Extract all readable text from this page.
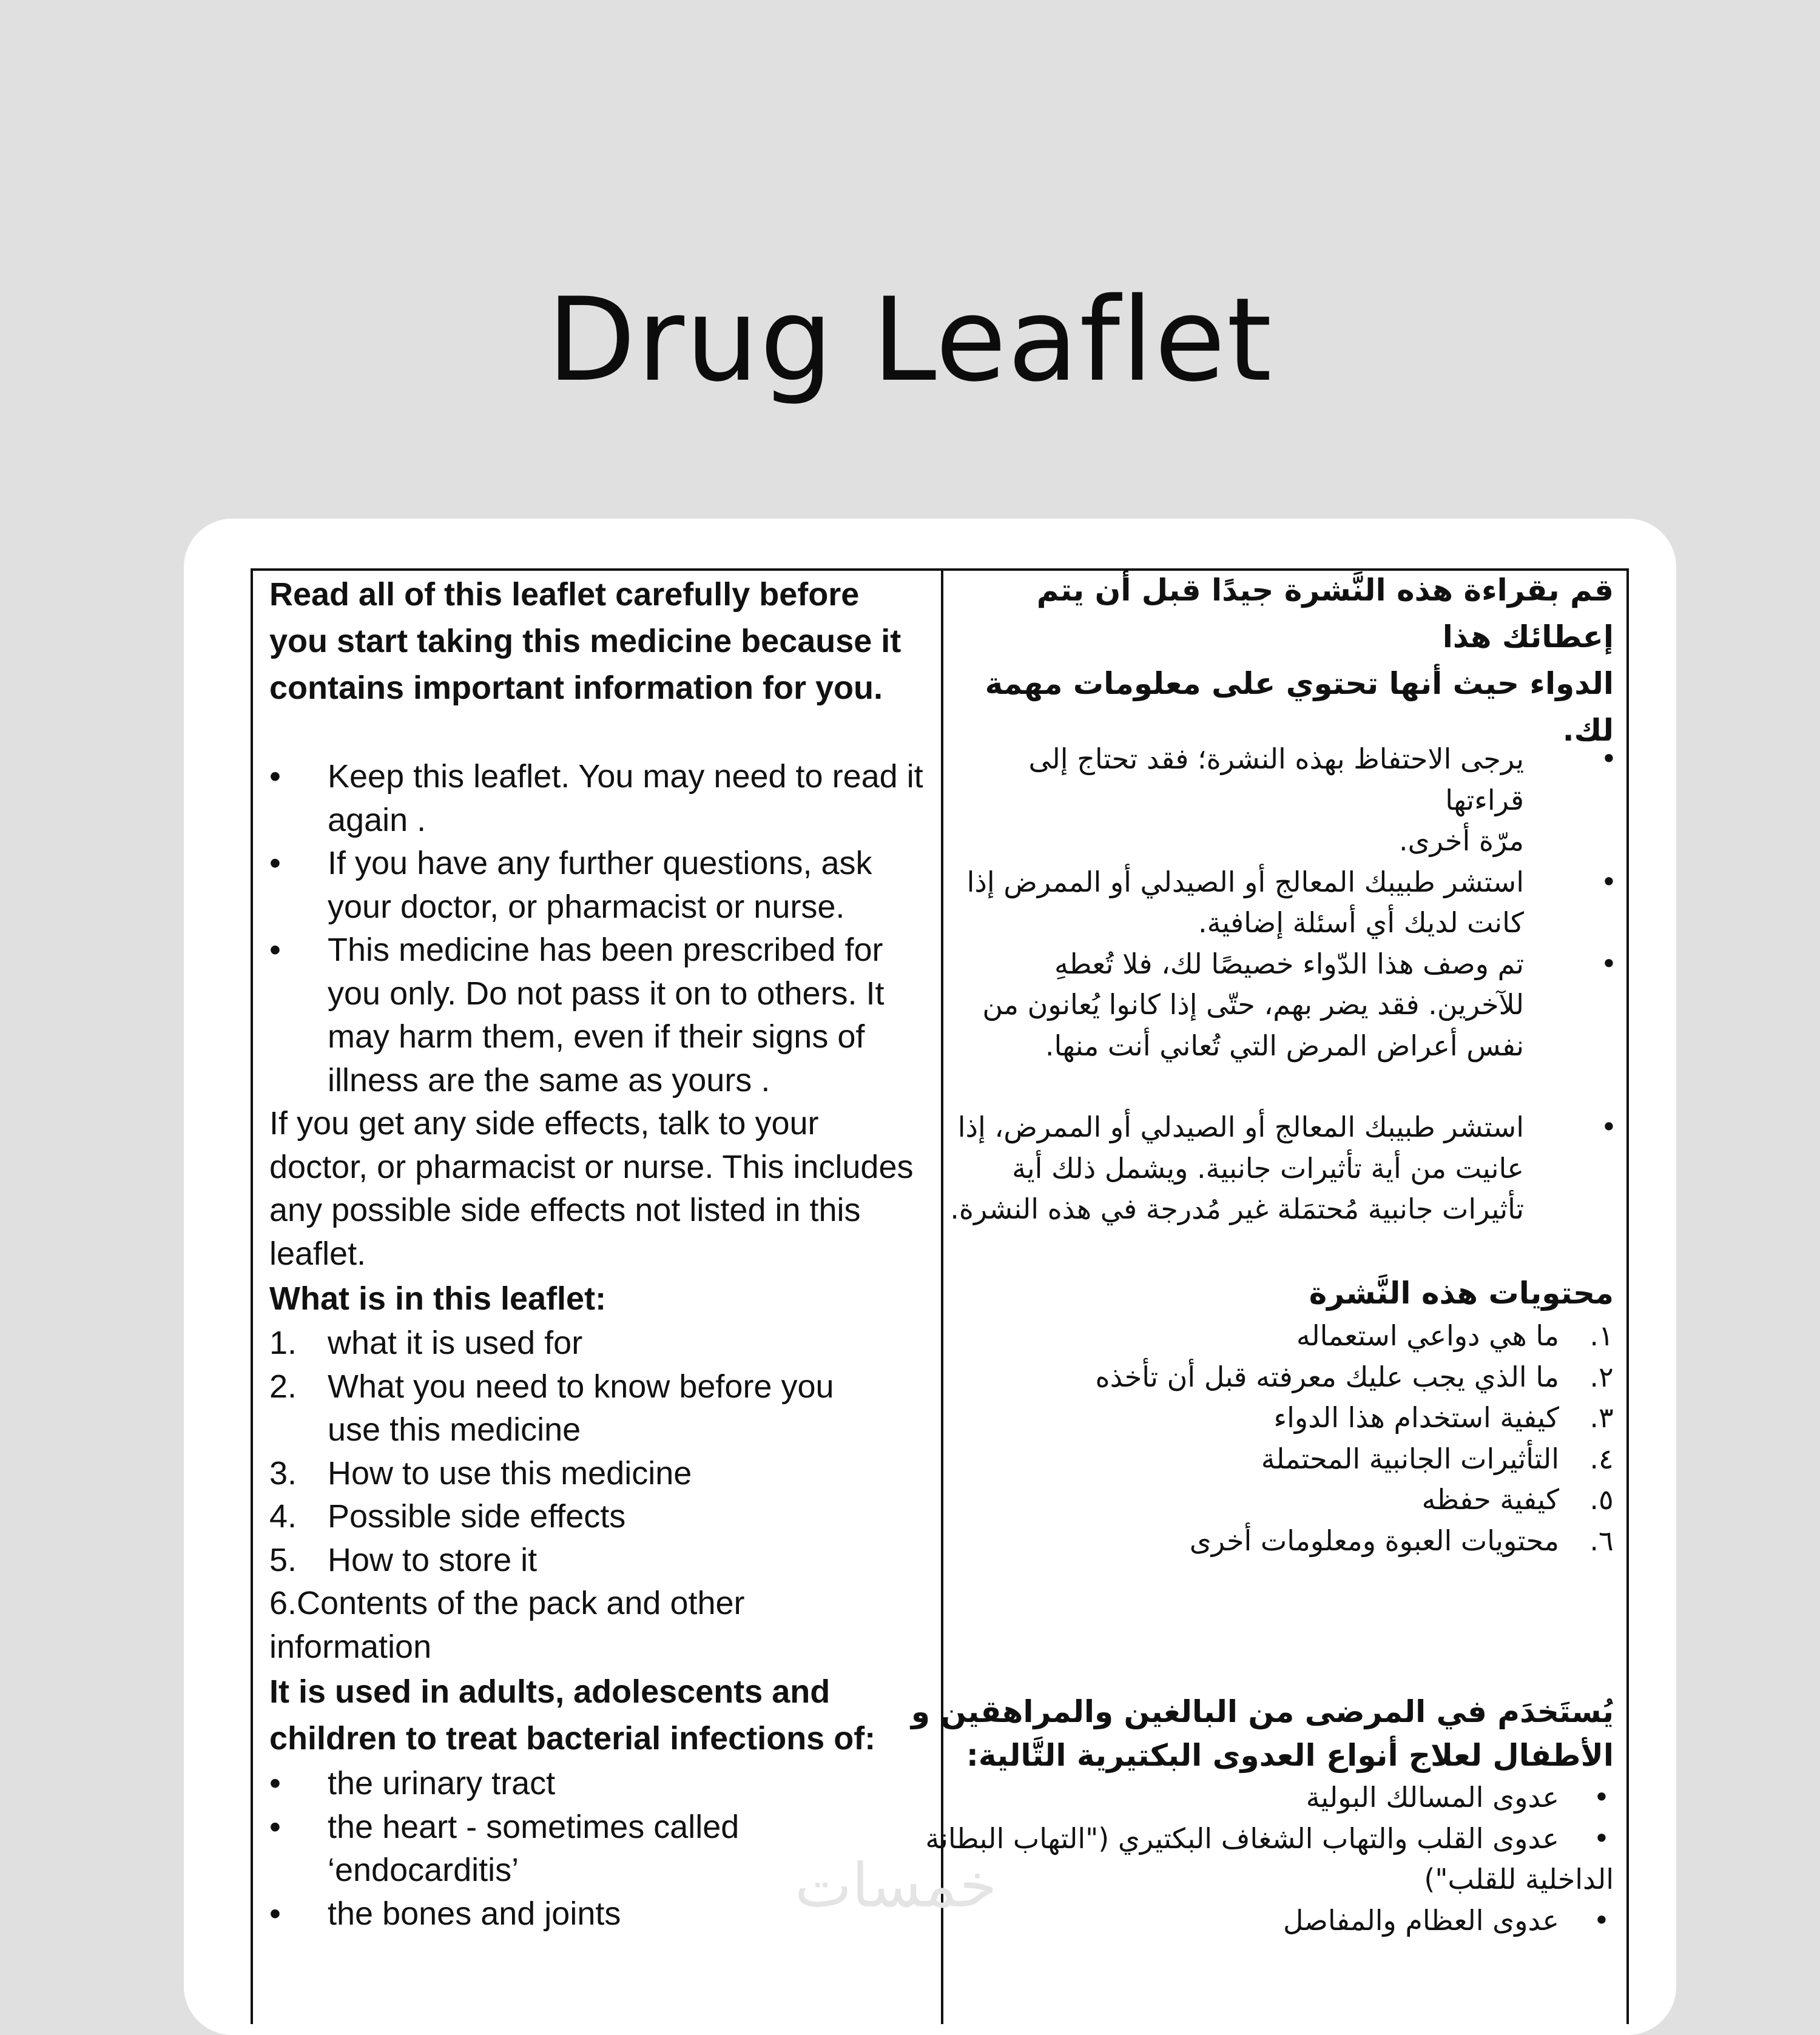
Drug Leaflet
Read all of this leaflet carefully before
you start taking this medicine because it
contains important information for you.
• Keep this leaflet. You may need to read it
again .
• If you have any further questions, ask
your doctor, or pharmacist or nurse.
• This medicine has been prescribed for
you only. Do not pass it on to others. It
may harm them, even if their signs of
illness are the same as yours .
If you get any side effects, talk to your
doctor, or pharmacist or nurse. This includes
any possible side effects not listed in this
leaflet.
What is in this leaflet:
1. what it is used for
2. What you need to know before you
use this medicine
3. How to use this medicine
4. Possible side effects
5. How to store it
6.Contents of the pack and other
information
It is used in adults, adolescents and
children to treat bacterial infections of:
• the urinary tract
• the heart - sometimes called
‘endocarditis’
• the bones and joints
قم بقراءة هذه النَّشرة جيدًا قبل أن يتم إعطائك هذا
الدواء حيث أنها تحتوي على معلومات مهمة لك.
•
يرجى الاحتفاظ بهذه النشرة؛ فقد تحتاج إلى قراءتها
مرّة أخرى.
•
استشر طبيبك المعالج أو الصيدلي أو الممرض إذا
كانت لديك أي أسئلة إضافية.
•
تم وصف هذا الدّواء خصيصًا لك، فلا تُعطهِ
للآخرين. فقد يضر بهم، حتّى إذا كانوا يُعانون من
نفس أعراض المرض التي تُعاني أنت منها.
•
استشر طبيبك المعالج أو الصيدلي أو الممرض، إذا
عانيت من أية تأثيرات جانبية. ويشمل ذلك أية
تأثيرات جانبية مُحتمَلة غير مُدرجة في هذه النشرة.
محتويات هذه النَّشرة
١.
ما هي دواعي استعماله
٢.
ما الذي يجب عليك معرفته قبل أن تأخذه
٣.
كيفية استخدام هذا الدواء
٤.
التأثيرات الجانبية المحتملة
٥.
كيفية حفظه
٦.
محتويات العبوة ومعلومات أخرى
يُستَخدَم في المرضى من البالغين والمراهقين و
الأطفال لعلاج أنواع العدوى البكتيرية التَّالية:
•
عدوى المسالك البولية
•
عدوى القلب والتهاب الشغاف البكتيري ("التهاب البطانة
الداخلية للقلب")
•
عدوى العظام والمفاصل
خمسات
